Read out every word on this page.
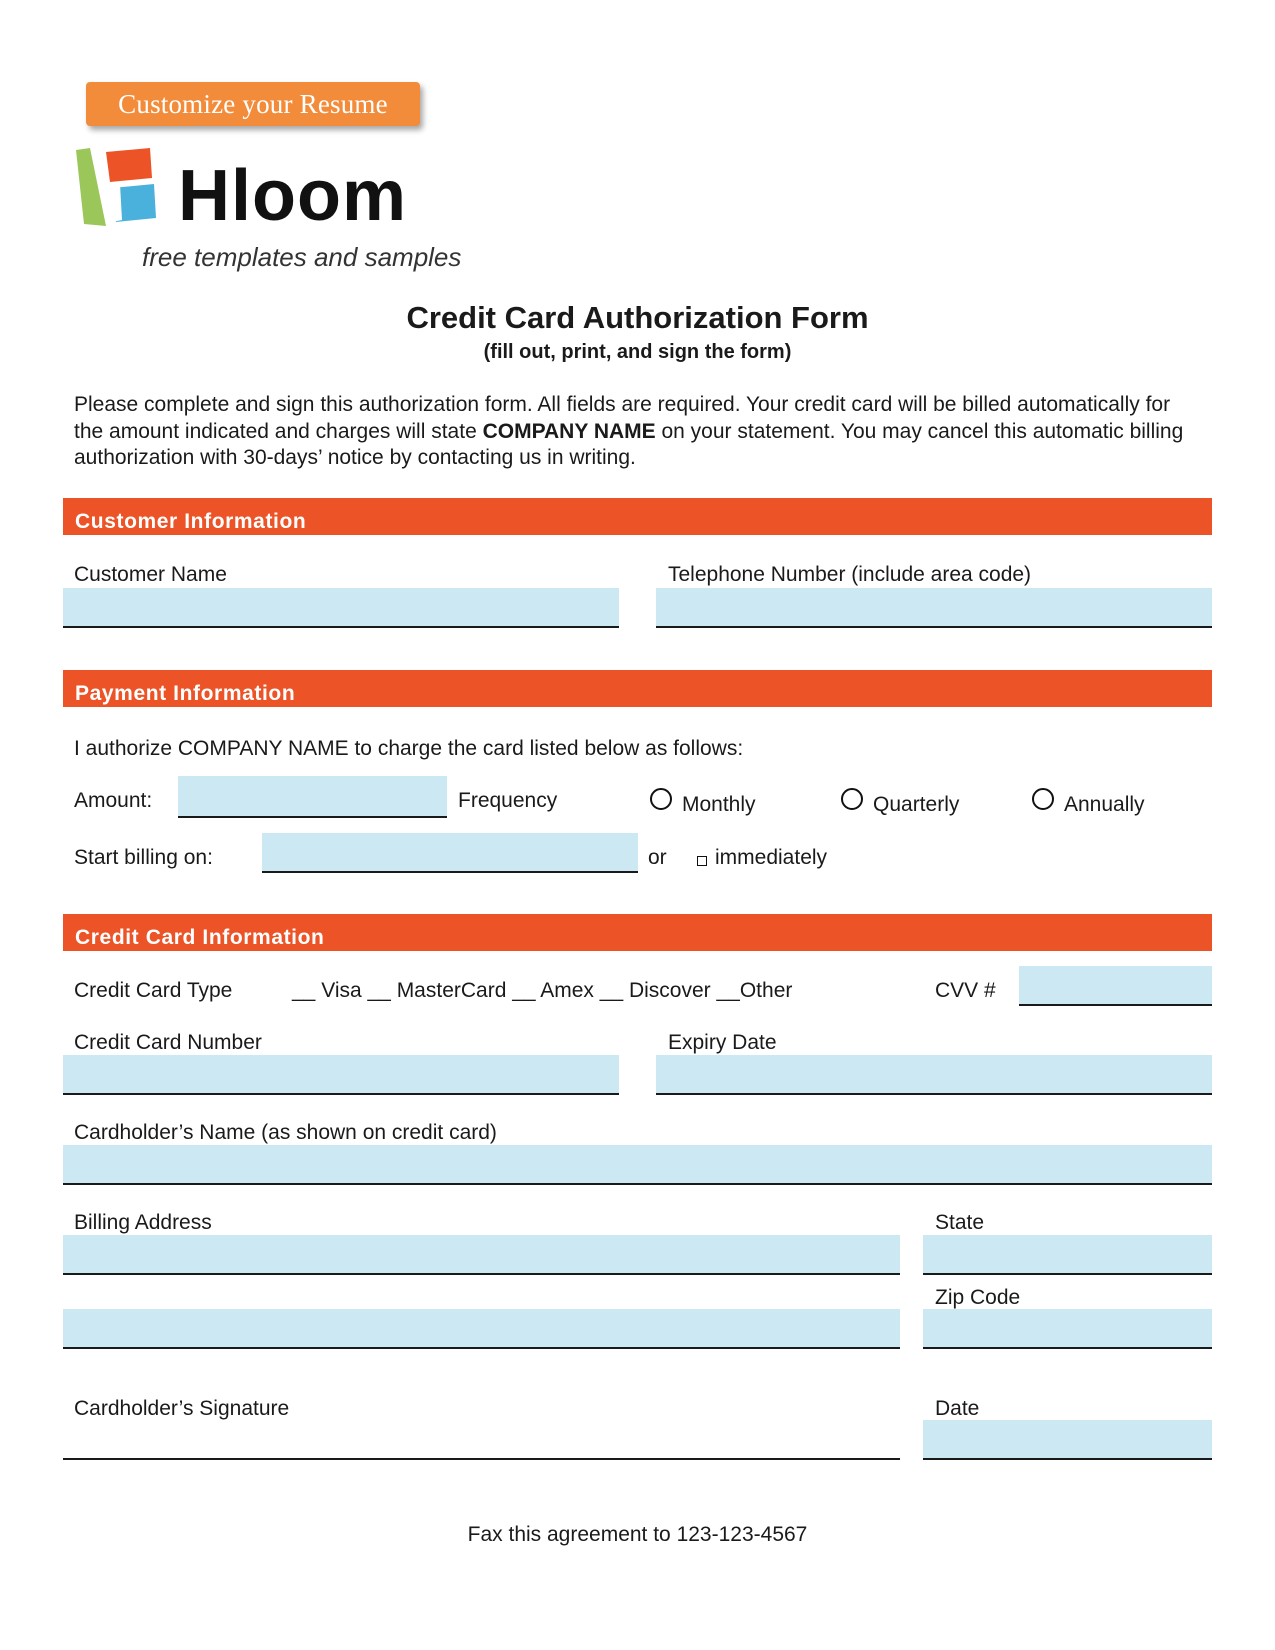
Customize your Resume
Hloom
free templates and samples
Credit Card Authorization Form
(fill out, print, and sign the form)
Please complete and sign this authorization form. All fields are required. Your credit card will be billed automatically for the amount indicated and charges will state COMPANY NAME on your statement. You may cancel this automatic billing authorization with 30-days’ notice by contacting us in writing.
Customer Information
Customer Name	Telephone Number (include area code)
Payment Information
I authorize COMPANY NAME to charge the card listed below as follows:
Amount:	Frequency	Monthly	Quarterly	Annually
Start billing on:	or immediately
Credit Card Information
Credit Card Type	__ Visa __ MasterCard __ Amex __ Discover __Other	CVV #
Credit Card Number	Expiry Date
Cardholder’s Name (as shown on credit card)
Billing Address	State
Zip Code
Cardholder’s Signature	Date
Fax this agreement to 123-123-4567
